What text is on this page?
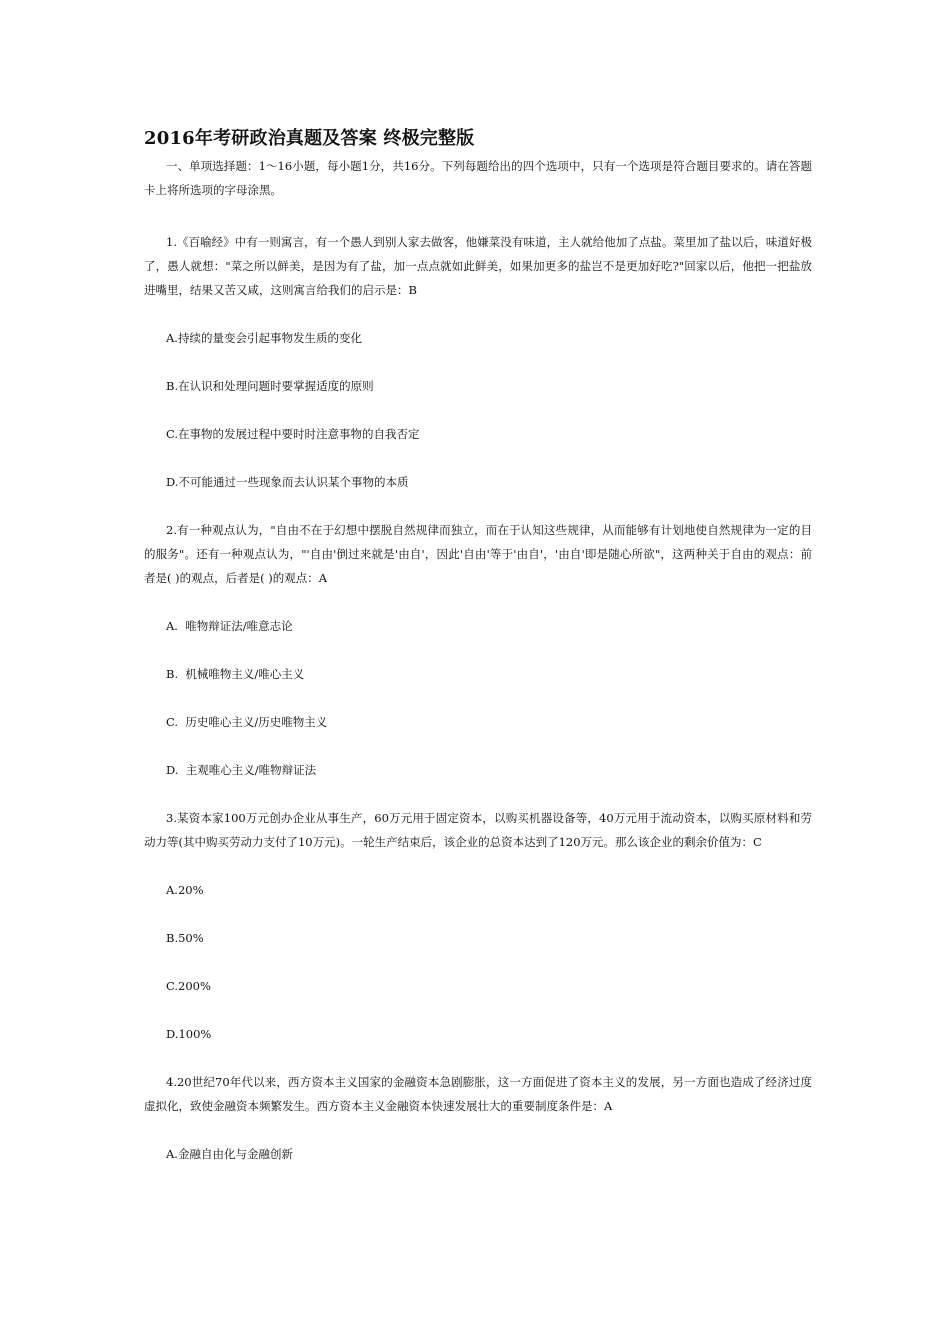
2016年考研政治真题及答案 终极完整版

一、单项选择题：1～16小题，每小题1分，共16分。下列每题给出的四个选项中，只有一个选项是符合题目要求的。请在答题卡上将所选项的字母涂黑。

1.《百喻经》中有一则寓言，有一个愚人到别人家去做客，他嫌菜没有味道，主人就给他加了点盐。菜里加了盐以后，味道好极了，愚人就想："菜之所以鲜美，是因为有了盐，加一点点就如此鲜美，如果加更多的盐岂不是更加好吃?"回家以后，他把一把盐放进嘴里，结果又苦又咸，这则寓言给我们的启示是：B

A.持续的量变会引起事物发生质的变化
B.在认识和处理问题时要掌握适度的原则
C.在事物的发展过程中要时时注意事物的自我否定
D.不可能通过一些现象而去认识某个事物的本质

2.有一种观点认为，"自由不在于幻想中摆脱自然规律而独立，而在于认知这些规律，从而能够有计划地使自然规律为一定的目的服务"。还有一种观点认为，"'自由'倒过来就是'由自'，因此'自由'等于'由自'，'由自'即是随心所欲"，这两种关于自由的观点：前者是( )的观点，后者是( )的观点：A

A.  唯物辩证法/唯意志论
B.  机械唯物主义/唯心主义
C.  历史唯心主义/历史唯物主义
D.  主观唯心主义/唯物辩证法

3.某资本家100万元创办企业从事生产，60万元用于固定资本，以购买机器设备等，40万元用于流动资本，以购买原材料和劳动力等(其中购买劳动力支付了10万元)。一轮生产结束后，该企业的总资本达到了120万元。那么该企业的剩余价值为：C

A.20%
B.50%
C.200%
D.100%

4.20世纪70年代以来，西方资本主义国家的金融资本急剧膨胀，这一方面促进了资本主义的发展，另一方面也造成了经济过度虚拟化，致使金融资本频繁发生。西方资本主义金融资本快速发展壮大的重要制度条件是：A

A.金融自由化与金融创新
